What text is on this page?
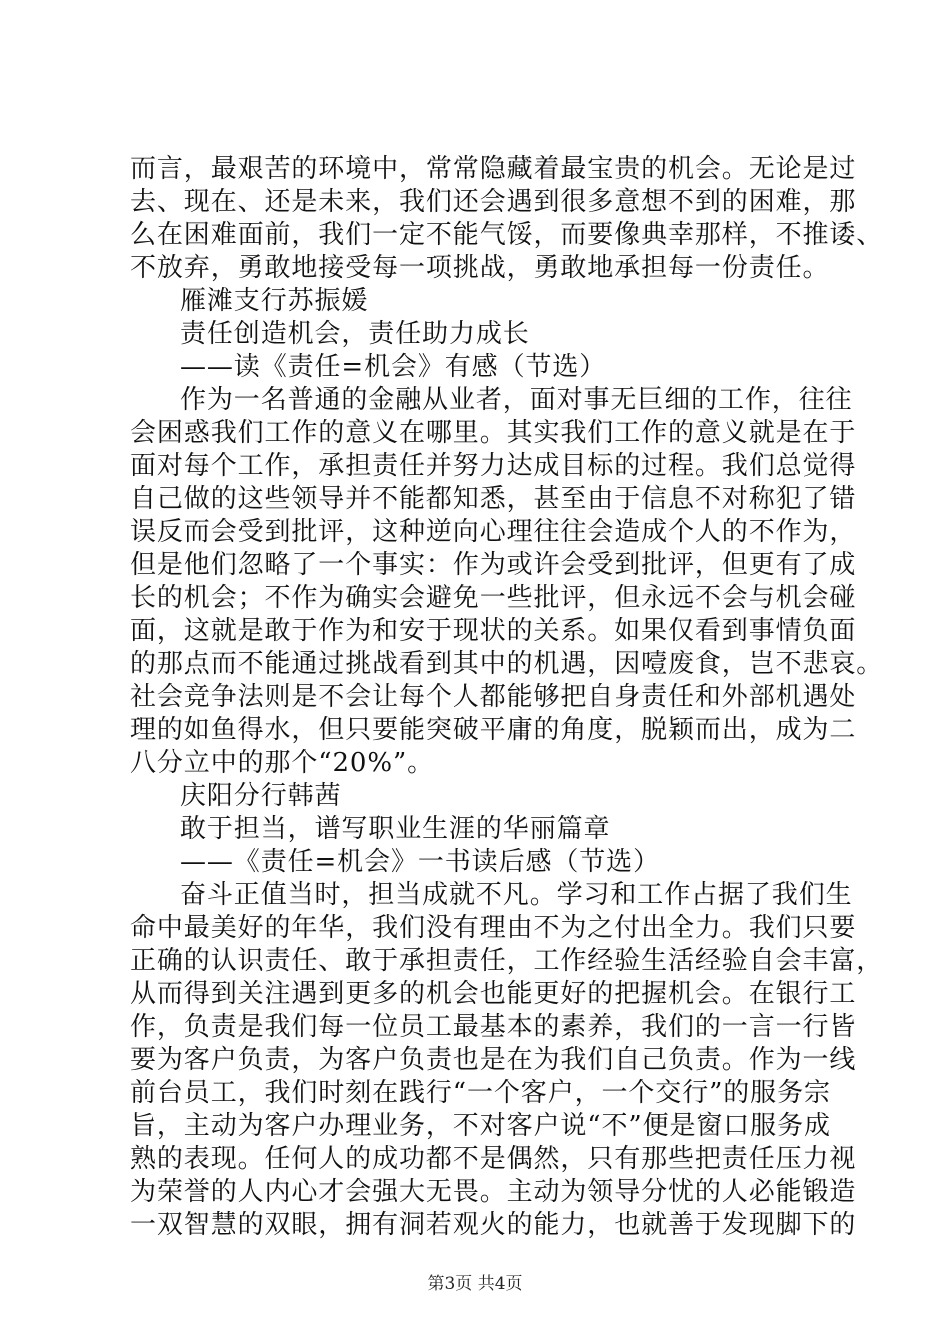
而言，最艰苦的环境中，常常隐藏着最宝贵的机会。无论是过
去、现在、还是未来，我们还会遇到很多意想不到的困难，那
么在困难面前，我们一定不能气馁，而要像典幸那样，不推诿、
不放弃，勇敢地接受每一项挑战，勇敢地承担每一份责任。
雁滩支行苏振媛
责任创造机会，责任助力成长
——读《责任=机会》有感（节选）
作为一名普通的金融从业者，面对事无巨细的工作，往往
会困惑我们工作的意义在哪里。其实我们工作的意义就是在于
面对每个工作，承担责任并努力达成目标的过程。我们总觉得
自己做的这些领导并不能都知悉，甚至由于信息不对称犯了错
误反而会受到批评，这种逆向心理往往会造成个人的不作为，
但是他们忽略了一个事实：作为或许会受到批评，但更有了成
长的机会；不作为确实会避免一些批评，但永远不会与机会碰
面，这就是敢于作为和安于现状的关系。如果仅看到事情负面
的那点而不能通过挑战看到其中的机遇，因噎废食，岂不悲哀。
社会竞争法则是不会让每个人都能够把自身责任和外部机遇处
理的如鱼得水，但只要能突破平庸的角度，脱颖而出，成为二
八分立中的那个“20%”。
庆阳分行韩茜
敢于担当，谱写职业生涯的华丽篇章
——《责任=机会》一书读后感（节选）
奋斗正值当时，担当成就不凡。学习和工作占据了我们生
命中最美好的年华，我们没有理由不为之付出全力。我们只要
正确的认识责任、敢于承担责任，工作经验生活经验自会丰富，
从而得到关注遇到更多的机会也能更好的把握机会。在银行工
作，负责是我们每一位员工最基本的素养，我们的一言一行皆
要为客户负责，为客户负责也是在为我们自己负责。作为一线
前台员工，我们时刻在践行“一个客户，一个交行”的服务宗
旨，主动为客户办理业务，不对客户说“不”便是窗口服务成
熟的表现。任何人的成功都不是偶然，只有那些把责任压力视
为荣誉的人内心才会强大无畏。主动为领导分忧的人必能锻造
一双智慧的双眼，拥有洞若观火的能力，也就善于发现脚下的
第3页 共4页
